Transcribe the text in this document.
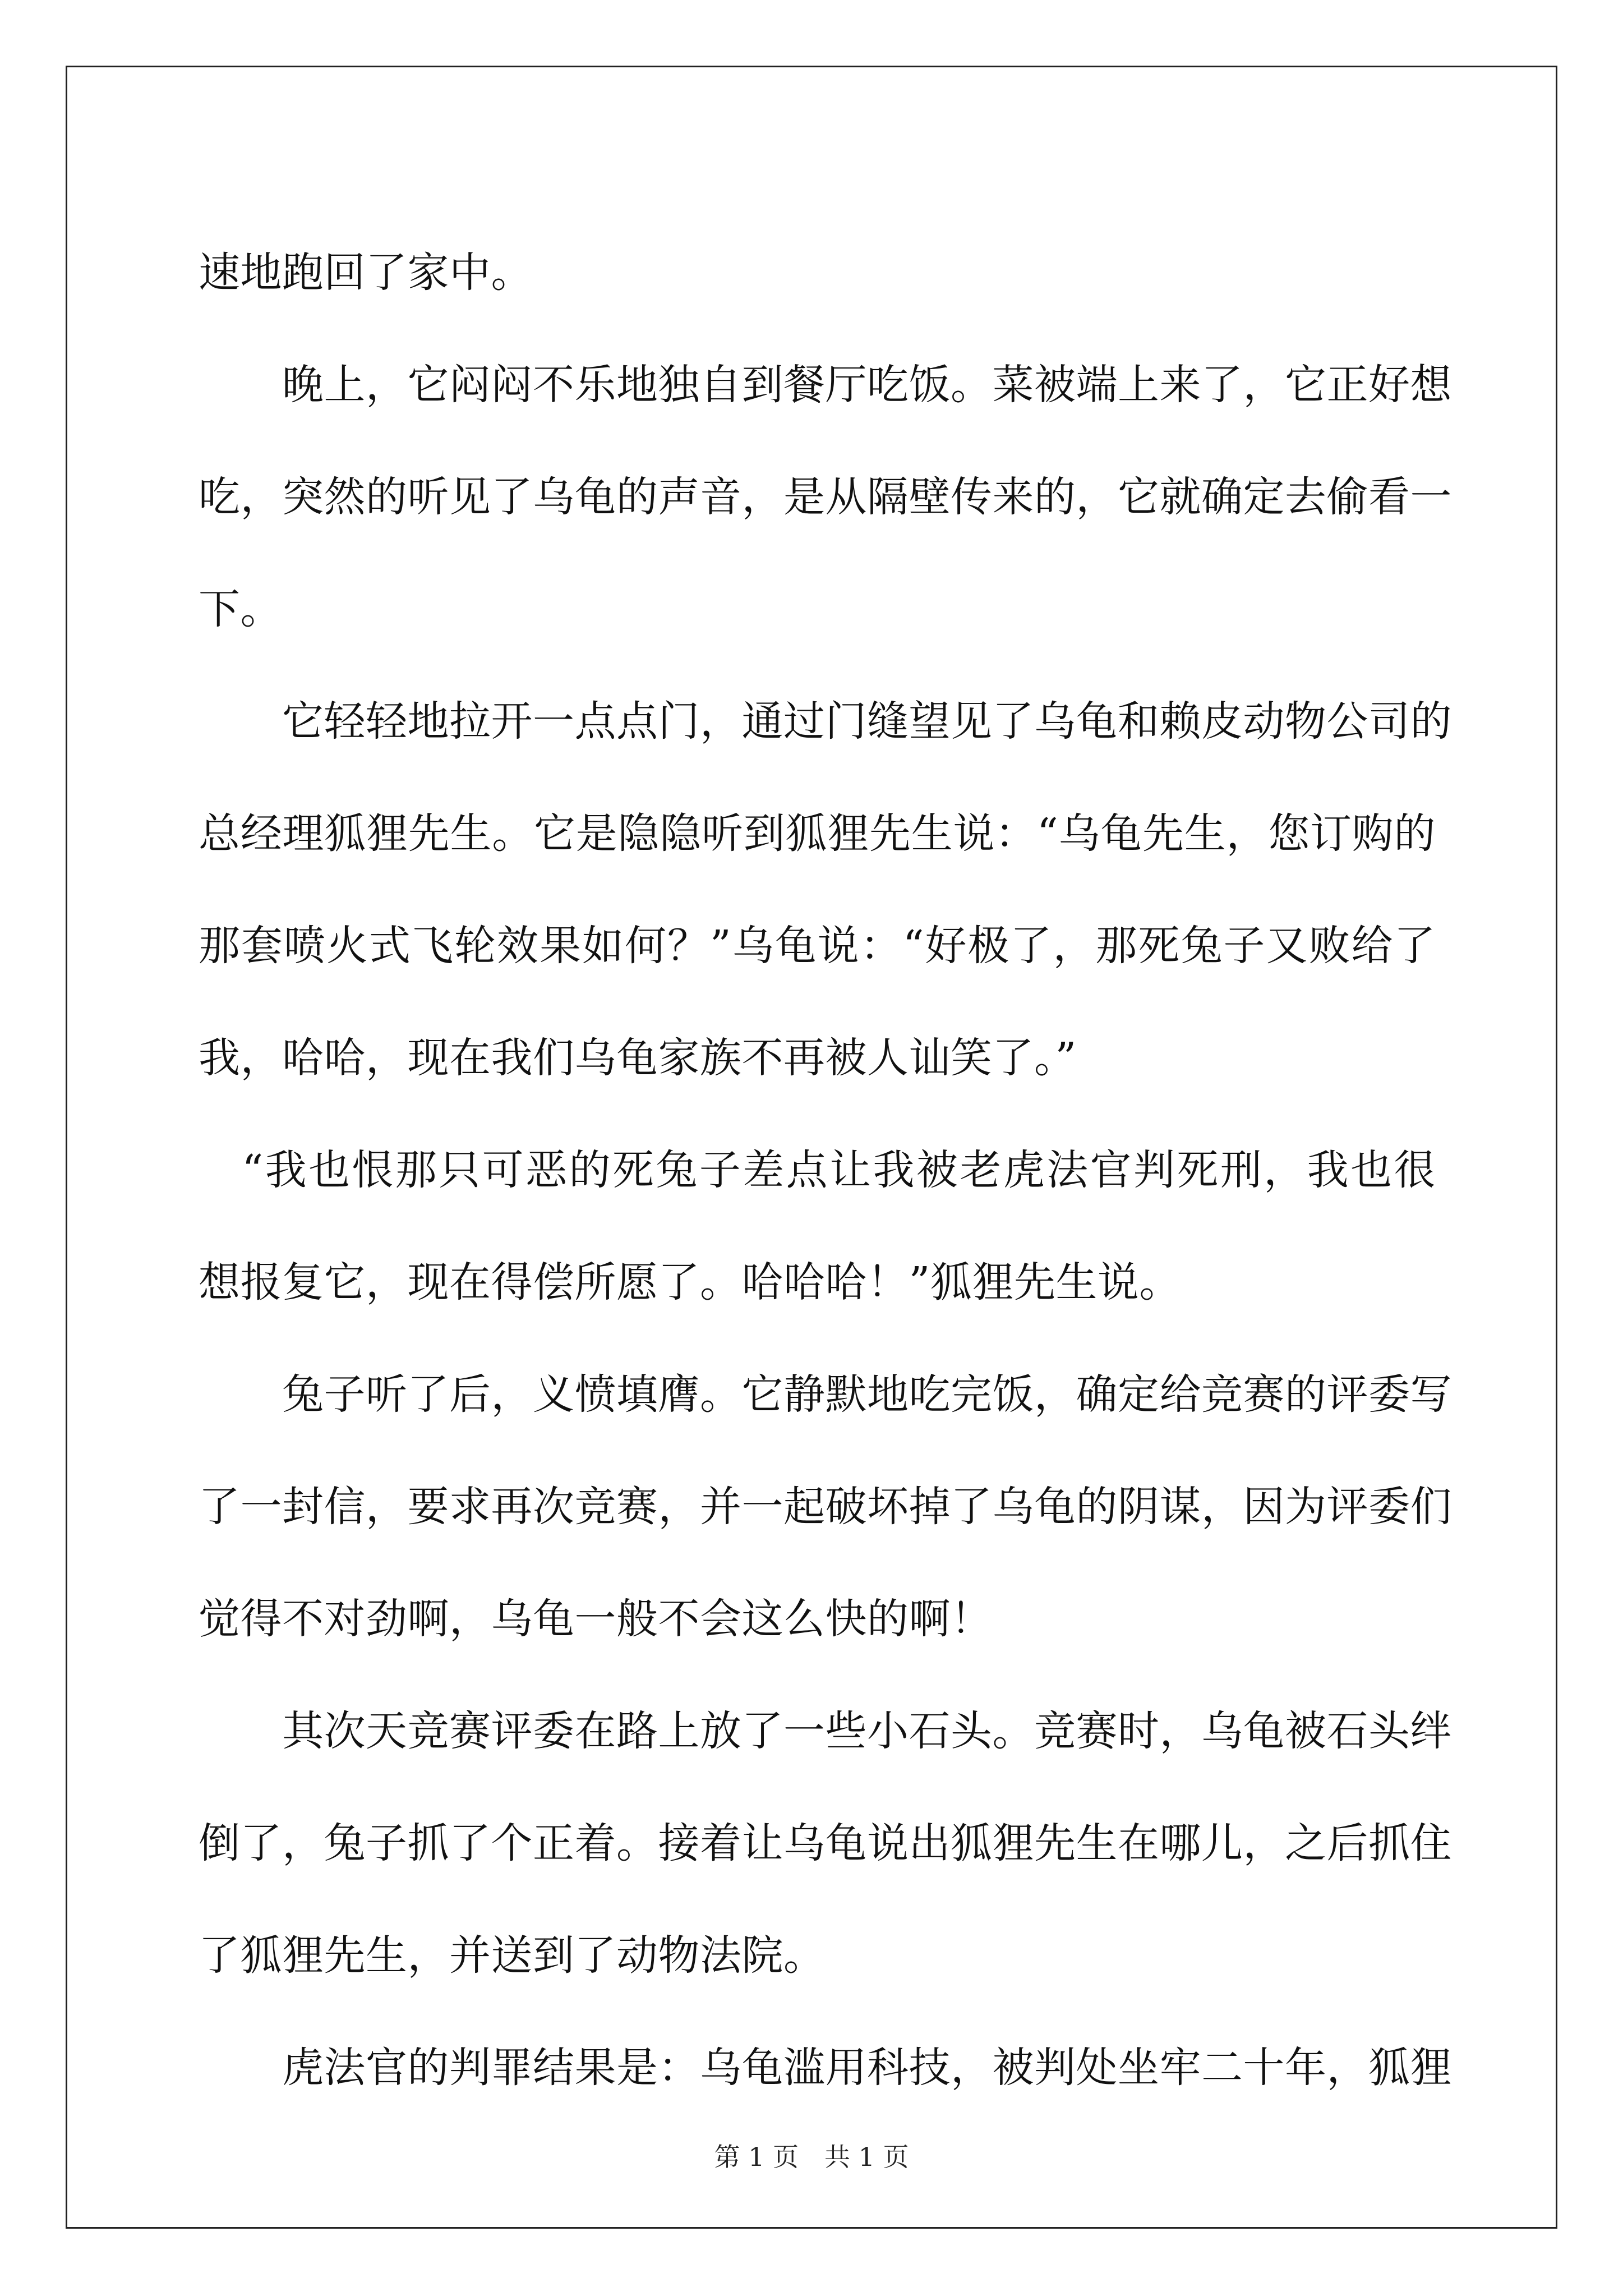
速地跑回了家中。
　　晚上，它闷闷不乐地独自到餐厅吃饭。菜被端上来了，它正好想
吃，突然的听见了乌龟的声音，是从隔壁传来的，它就确定去偷看一
下。
　　它轻轻地拉开一点点门，通过门缝望见了乌龟和赖皮动物公司的
总经理狐狸先生。它是隐隐听到狐狸先生说：“乌龟先生，您订购的
那套喷火式飞轮效果如何？”乌龟说：“好极了，那死兔子又败给了
我，哈哈，现在我们乌龟家族不再被人讪笑了。”
　“我也恨那只可恶的死兔子差点让我被老虎法官判死刑，我也很
想报复它，现在得偿所愿了。哈哈哈！”狐狸先生说。
　　兔子听了后，义愤填膺。它静默地吃完饭，确定给竞赛的评委写
了一封信，要求再次竞赛，并一起破坏掉了乌龟的阴谋，因为评委们
觉得不对劲啊，乌龟一般不会这么快的啊！
　　其次天竞赛评委在路上放了一些小石头。竞赛时，乌龟被石头绊
倒了，兔子抓了个正着。接着让乌龟说出狐狸先生在哪儿，之后抓住
了狐狸先生，并送到了动物法院。
　　虎法官的判罪结果是：乌龟滥用科技，被判处坐牢二十年，狐狸
第 1 页　共 1 页
